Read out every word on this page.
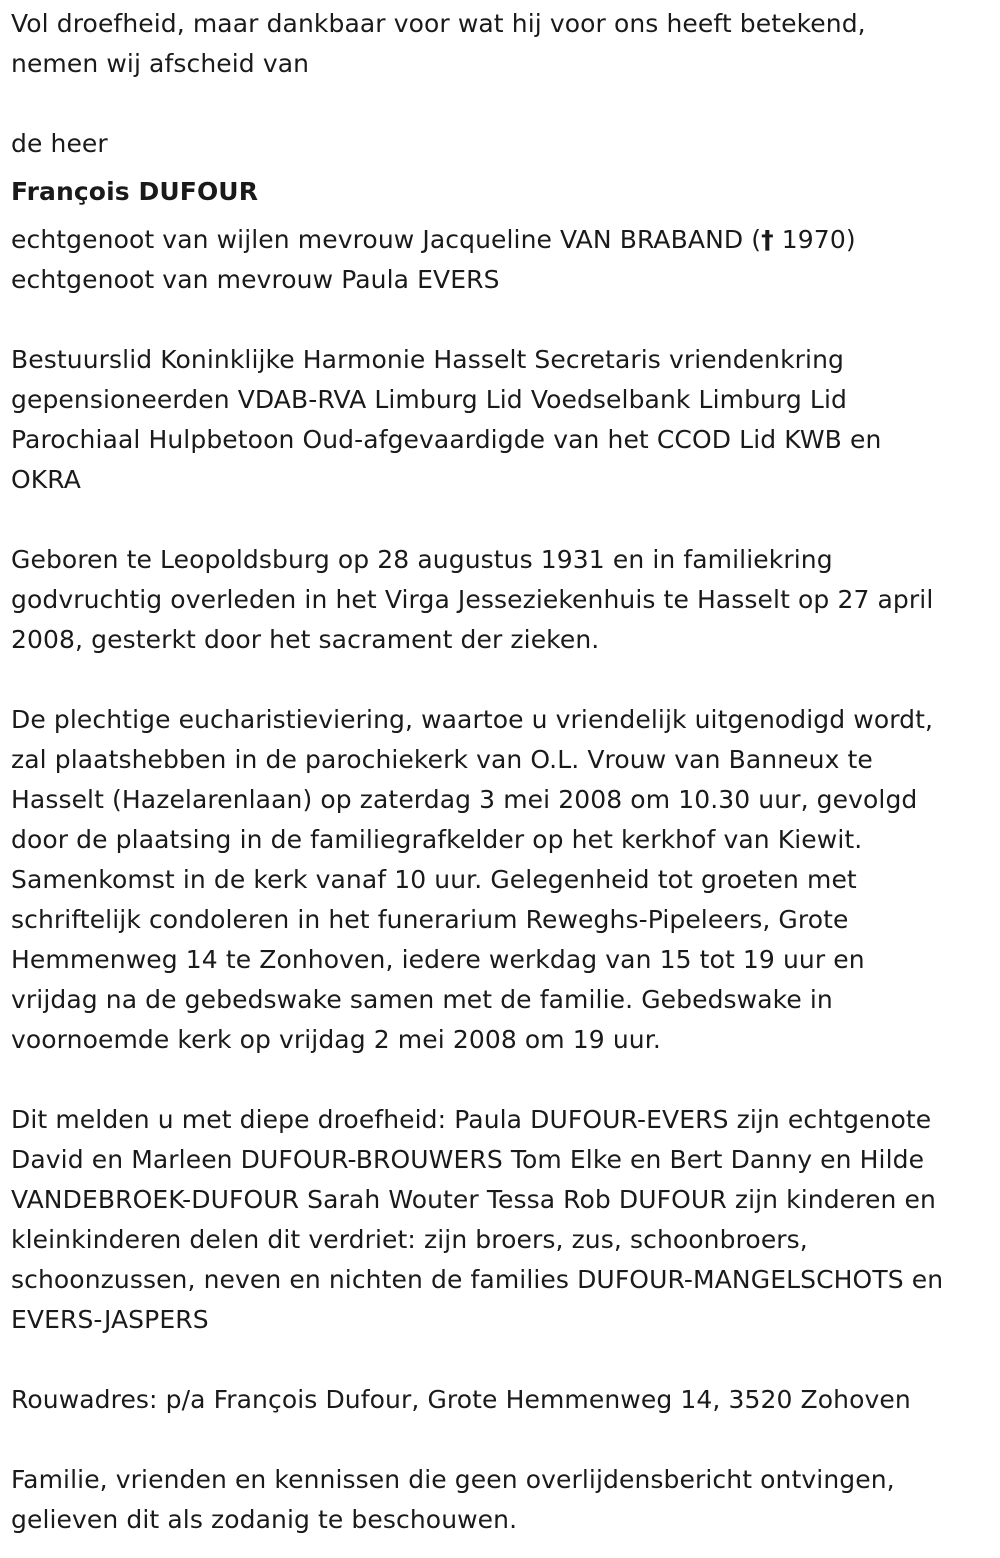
Vol droefheid, maar dankbaar voor wat hij voor ons heeft betekend,
nemen wij afscheid van
de heer
François DUFOUR
echtgenoot van wijlen mevrouw Jacqueline VAN BRABAND († 1970)
echtgenoot van mevrouw Paula EVERS
Bestuurslid Koninklijke Harmonie Hasselt Secretaris vriendenkring
gepensioneerden VDAB-RVA Limburg Lid Voedselbank Limburg Lid
Parochiaal Hulpbetoon Oud-afgevaardigde van het CCOD Lid KWB en
OKRA
Geboren te Leopoldsburg op 28 augustus 1931 en in familiekring
godvruchtig overleden in het Virga Jesseziekenhuis te Hasselt op 27 april
2008, gesterkt door het sacrament der zieken.
De plechtige eucharistieviering, waartoe u vriendelijk uitgenodigd wordt,
zal plaatshebben in de parochiekerk van O.L. Vrouw van Banneux te
Hasselt (Hazelarenlaan) op zaterdag 3 mei 2008 om 10.30 uur, gevolgd
door de plaatsing in de familiegrafkelder op het kerkhof van Kiewit.
Samenkomst in de kerk vanaf 10 uur. Gelegenheid tot groeten met
schriftelijk condoleren in het funerarium Reweghs-Pipeleers, Grote
Hemmenweg 14 te Zonhoven, iedere werkdag van 15 tot 19 uur en
vrijdag na de gebedswake samen met de familie. Gebedswake in
voornoemde kerk op vrijdag 2 mei 2008 om 19 uur.
Dit melden u met diepe droefheid: Paula DUFOUR-EVERS zijn echtgenote
David en Marleen DUFOUR-BROUWERS Tom Elke en Bert Danny en Hilde
VANDEBROEK-DUFOUR Sarah Wouter Tessa Rob DUFOUR zijn kinderen en
kleinkinderen delen dit verdriet: zijn broers, zus, schoonbroers,
schoonzussen, neven en nichten de families DUFOUR-MANGELSCHOTS en
EVERS-JASPERS
Rouwadres: p/a François Dufour, Grote Hemmenweg 14, 3520 Zohoven
Familie, vrienden en kennissen die geen overlijdensbericht ontvingen,
gelieven dit als zodanig te beschouwen.
